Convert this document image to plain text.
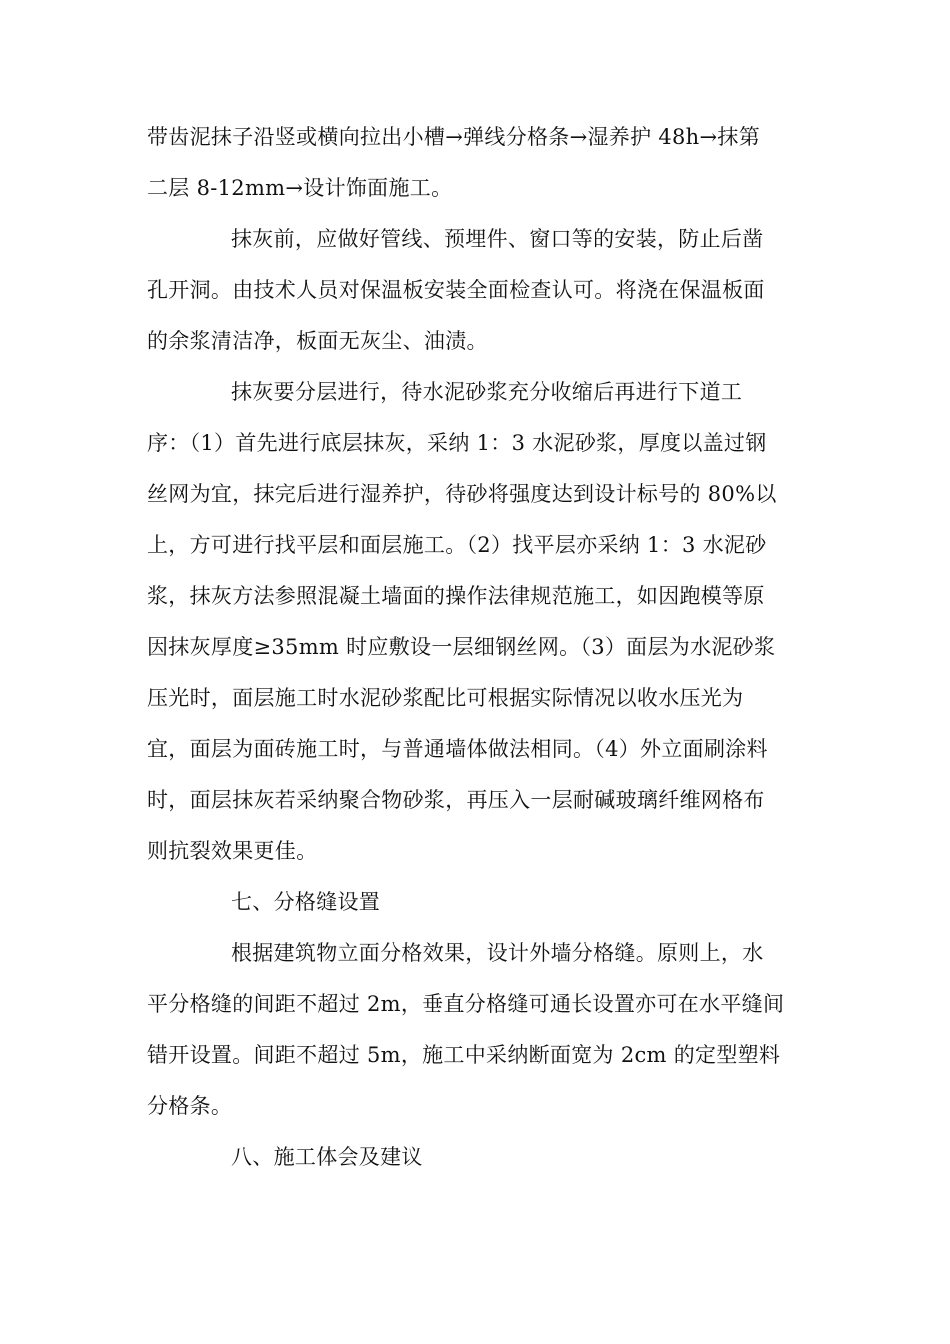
带齿泥抹子沿竖或横向拉出小槽→弹线分格条→湿养护 48h→抹第
二层 8-12mm→设计饰面施工。
抹灰前，应做好管线、预埋件、窗口等的安装，防止后凿
孔开洞。由技术人员对保温板安装全面检查认可。将浇在保温板面
的余浆清洁净，板面无灰尘、油渍。
抹灰要分层进行，待水泥砂浆充分收缩后再进行下道工
序：（1）首先进行底层抹灰，采纳 1：3 水泥砂浆，厚度以盖过钢
丝网为宜，抹完后进行湿养护，待砂将强度达到设计标号的 80%以
上，方可进行找平层和面层施工。（2）找平层亦采纳 1：3 水泥砂
浆，抹灰方法参照混凝土墙面的操作法律规范施工，如因跑模等原
因抹灰厚度≥35mm 时应敷设一层细钢丝网。（3）面层为水泥砂浆
压光时，面层施工时水泥砂浆配比可根据实际情况以收水压光为
宜，面层为面砖施工时，与普通墙体做法相同。（4）外立面刷涂料
时，面层抹灰若采纳聚合物砂浆，再压入一层耐碱玻璃纤维网格布
则抗裂效果更佳。
七、分格缝设置
根据建筑物立面分格效果，设计外墙分格缝。原则上，水
平分格缝的间距不超过 2m，垂直分格缝可通长设置亦可在水平缝间
错开设置。间距不超过 5m，施工中采纳断面宽为 2cm 的定型塑料
分格条。
八、施工体会及建议
